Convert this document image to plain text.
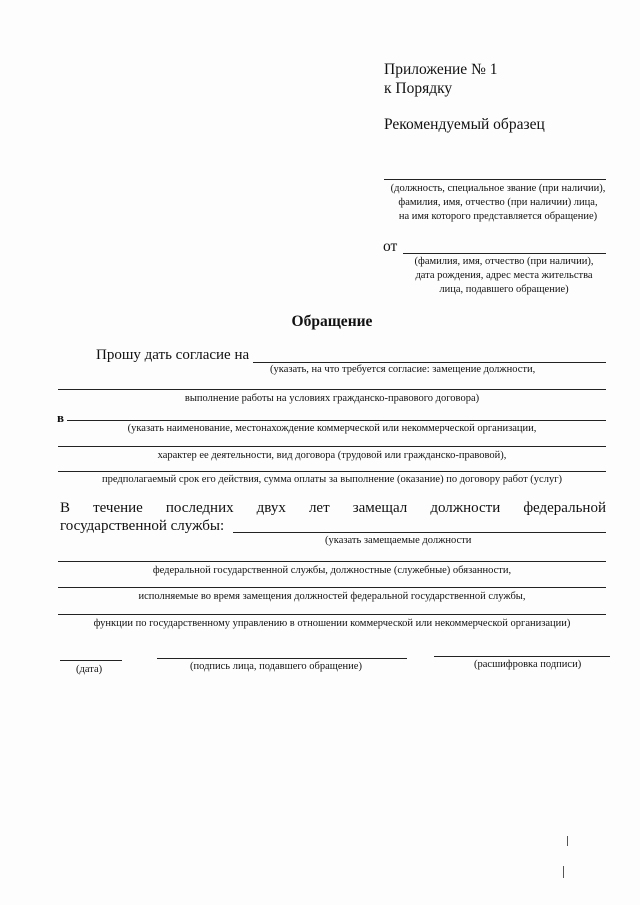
Приложение № 1
к Порядку
Рекомендуемый образец
(должность, специальное звание (при наличии),
фамилия, имя, отчество (при наличии) лица,
на имя которого представляется обращение)
от
(фамилия, имя, отчество (при наличии),
дата рождения, адрес места жительства
лица, подавшего обращение)
Обращение
Прошу дать согласие на
(указать, на что требуется согласие: замещение должности,
выполнение работы на условиях гражданско-правового договора)
в
(указать наименование, местонахождение коммерческой или некоммерческой организации,
характер ее деятельности, вид договора (трудовой или гражданско-правовой),
предполагаемый срок его действия, сумма оплаты за выполнение (оказание) по договору работ (услуг)
В течение последних двух лет замещал должности федеральной
государственной службы:
(указать замещаемые должности
федеральной государственной службы, должностные (служебные) обязанности,
исполняемые во время замещения должностей федеральной государственной службы,
функции по государственному управлению в отношении коммерческой или некоммерческой организации)
(дата)	(подпись лица, подавшего обращение)	(расшифровка подписи)
